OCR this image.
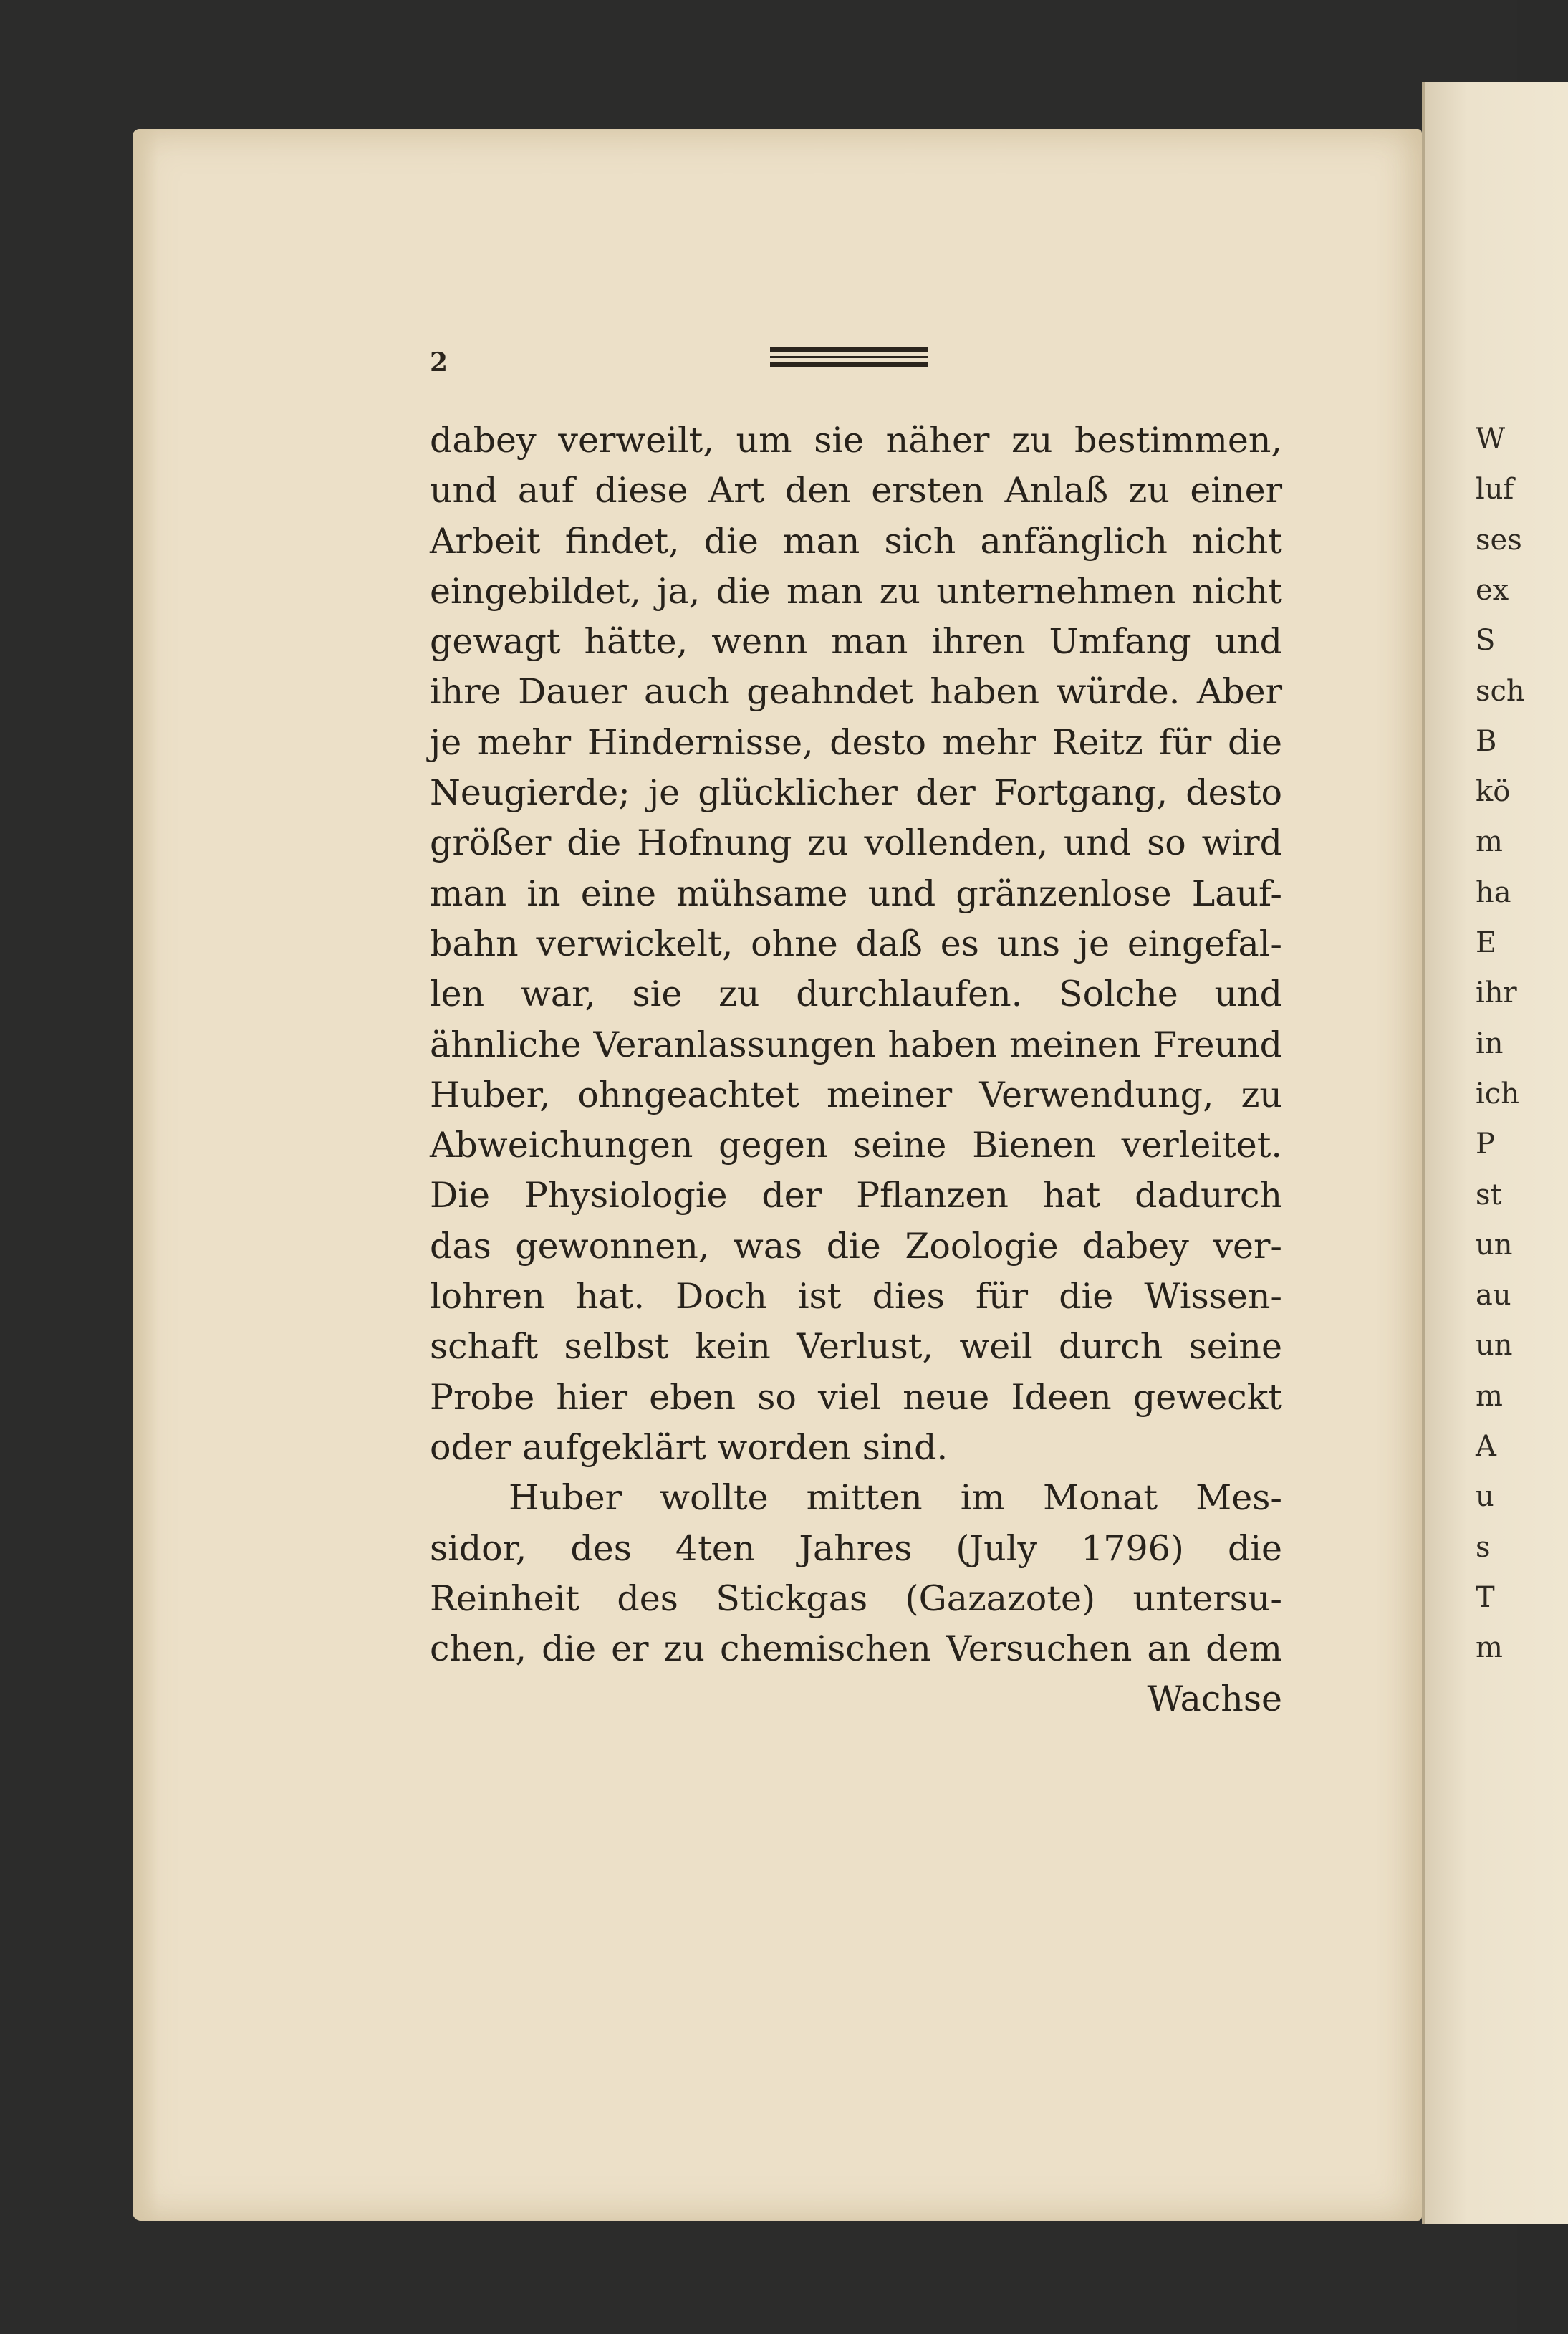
W
luf
ses
ex
S
sch
B
kö
m
ha
E
ihr
in
ich
P
st
un
au
un
m
A
u
s
T
m
2
dabey verweilt, um sie näher zu bestimmen,
und auf diese Art den ersten Anlaß zu einer
Arbeit findet, die man sich anfänglich nicht
eingebildet, ja, die man zu unternehmen nicht
gewagt hätte, wenn man ihren Umfang und
ihre Dauer auch geahndet haben würde. Aber
je mehr Hindernisse, desto mehr Reitz für die
Neugierde; je glücklicher der Fortgang, desto
größer die Hofnung zu vollenden, und so wird
man in eine mühsame und gränzenlose Lauf-
bahn verwickelt, ohne daß es uns je eingefal-
len war, sie zu durchlaufen. Solche und
ähnliche Veranlassungen haben meinen Freund
Huber, ohngeachtet meiner Verwendung, zu
Abweichungen gegen seine Bienen verleitet.
Die Physiologie der Pflanzen hat dadurch
das gewonnen, was die Zoologie dabey ver-
lohren hat. Doch ist dies für die Wissen-
schaft selbst kein Verlust, weil durch seine
Probe hier eben so viel neue Ideen geweckt
oder aufgeklärt worden sind.
Huber wollte mitten im Monat Mes-
sidor, des 4ten Jahres (July 1796) die
Reinheit des Stickgas (Gazazote) untersu-
chen, die er zu chemischen Versuchen an dem
Wachse
